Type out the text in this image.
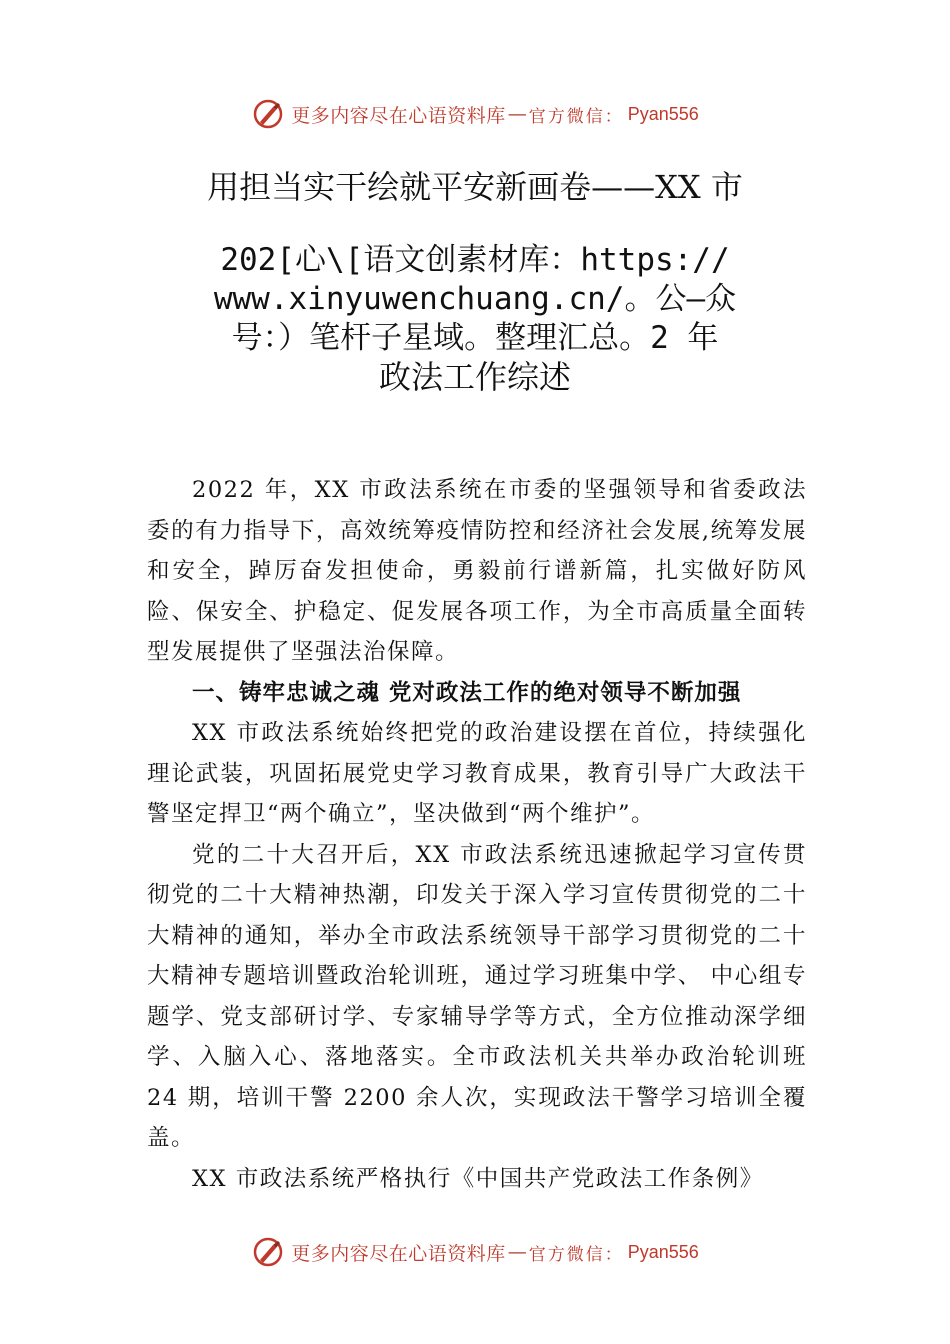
更多内容尽在心语资料库 — 官方微信： Pyan556
用担当实干绘就平安新画卷——XX 市
202[心\[语文创素材库：https://
www.xinyuwenchuang.cn/。公—众
号：）笔杆子星域。整理汇总。2 年
政法工作综述

2022 年，XX 市政法系统在市委的坚强领导和省委政法委的有力指导下，高效统筹疫情防控和经济社会发展,统筹发展和安全，踔厉奋发担使命，勇毅前行谱新篇，扎实做好防风险、保安全、护稳定、促发展各项工作，为全市高质量全面转型发展提供了坚强法治保障。

一、铸牢忠诚之魂 党对政法工作的绝对领导不断加强

XX 市政法系统始终把党的政治建设摆在首位，持续强化理论武装，巩固拓展党史学习教育成果，教育引导广大政法干警坚定捍卫“两个确立”，坚决做到“两个维护”。

党的二十大召开后，XX 市政法系统迅速掀起学习宣传贯彻党的二十大精神热潮，印发关于深入学习宣传贯彻党的二十大精神的通知，举办全市政法系统领导干部学习贯彻党的二十大精神专题培训暨政治轮训班，通过学习班集中学、 中心组专题学、党支部研讨学、专家辅导学等方式，全方位推动深学细学、入脑入心、落地落实。全市政法机关共举办政治轮训班 24 期，培训干警 2200 余人次，实现政法干警学习培训全覆盖。

XX 市政法系统严格执行《中国共产党政法工作条例》

更多内容尽在心语资料库 — 官方微信： Pyan556
